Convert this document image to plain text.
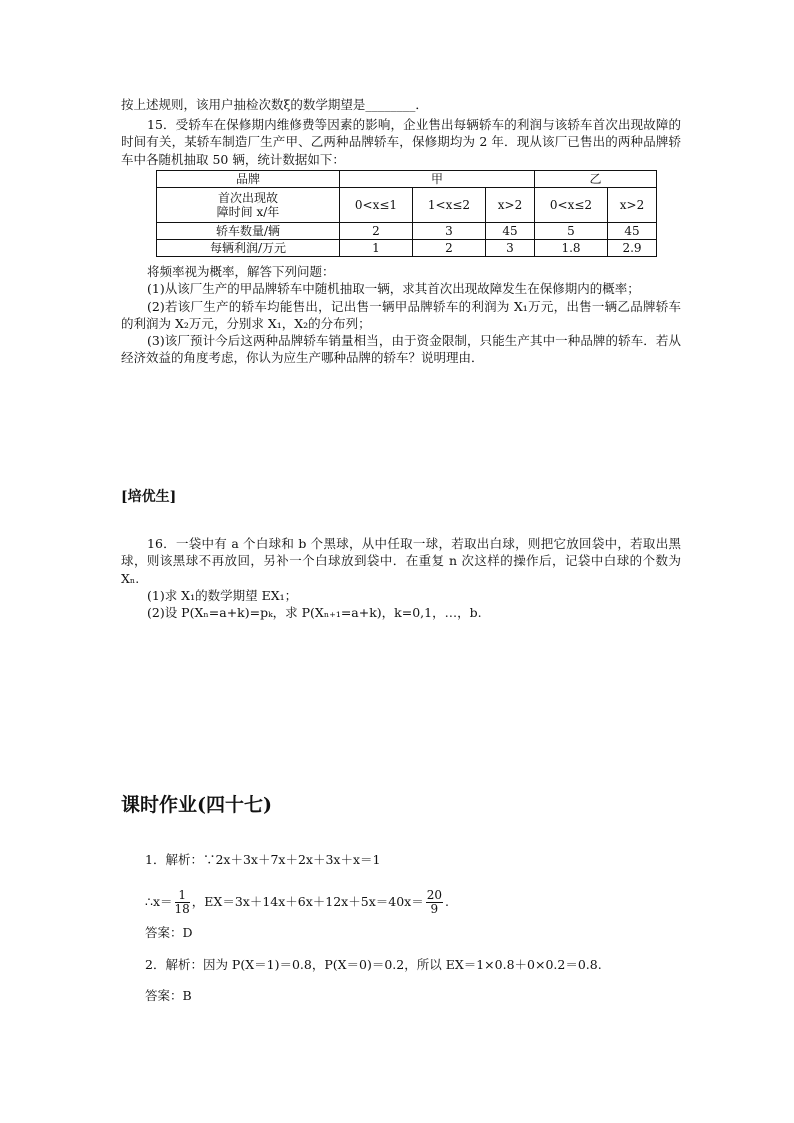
按上述规则，该用户抽检次数ξ的数学期望是________．
15．受轿车在保修期内维修费等因素的影响，企业售出每辆轿车的利润与该轿车首次出现故障的时间有关，某轿车制造厂生产甲、乙两种品牌轿车，保修期均为 2 年．现从该厂已售出的两种品牌轿车中各随机抽取 50 辆，统计数据如下：
品牌	甲			乙	

首次出现故
障时间 x/年	0<x≤1	1<x≤2	x>2	0<x≤2	x>2
轿车数量/辆	2	3	45	5	45
每辆利润/万元	1	2	3	1.8	2.9
将频率视为概率，解答下列问题：
(1)从该厂生产的甲品牌轿车中随机抽取一辆，求其首次出现故障发生在保修期内的概率；
(2)若该厂生产的轿车均能售出，记出售一辆甲品牌轿车的利润为 X₁万元，出售一辆乙品牌轿车的利润为 X₂万元，分别求 X₁，X₂的分布列；
(3)该厂预计今后这两种品牌轿车销量相当，由于资金限制，只能生产其中一种品牌的轿车．若从经济效益的角度考虑，你认为应生产哪种品牌的轿车？说明理由．
[培优生]
16．一袋中有 a 个白球和 b 个黑球，从中任取一球，若取出白球，则把它放回袋中，若取出黑球，则该黑球不再放回，另补一个白球放到袋中．在重复 n 次这样的操作后，记袋中白球的个数为 Xₙ.
(1)求 X₁的数学期望 EX₁；
(2)设 P(Xₙ=a+k)=pₖ，求 P(Xₙ₊₁=a+k)，k=0,1，…，b.
课时作业(四十七)
1．解析：∵2x＋3x＋7x＋2x＋3x＋x＝1
∴x＝ $\frac{1}{18}$ ，$EX=3x+14x+6x+12x+5x=40x= \frac{20}{9}$ .
答案：D
2．解析：因为 P(X＝1)＝0.8，P(X＝0)＝0.2，所以 EX＝1×0.8＋0×0.2＝0.8.
答案：B
